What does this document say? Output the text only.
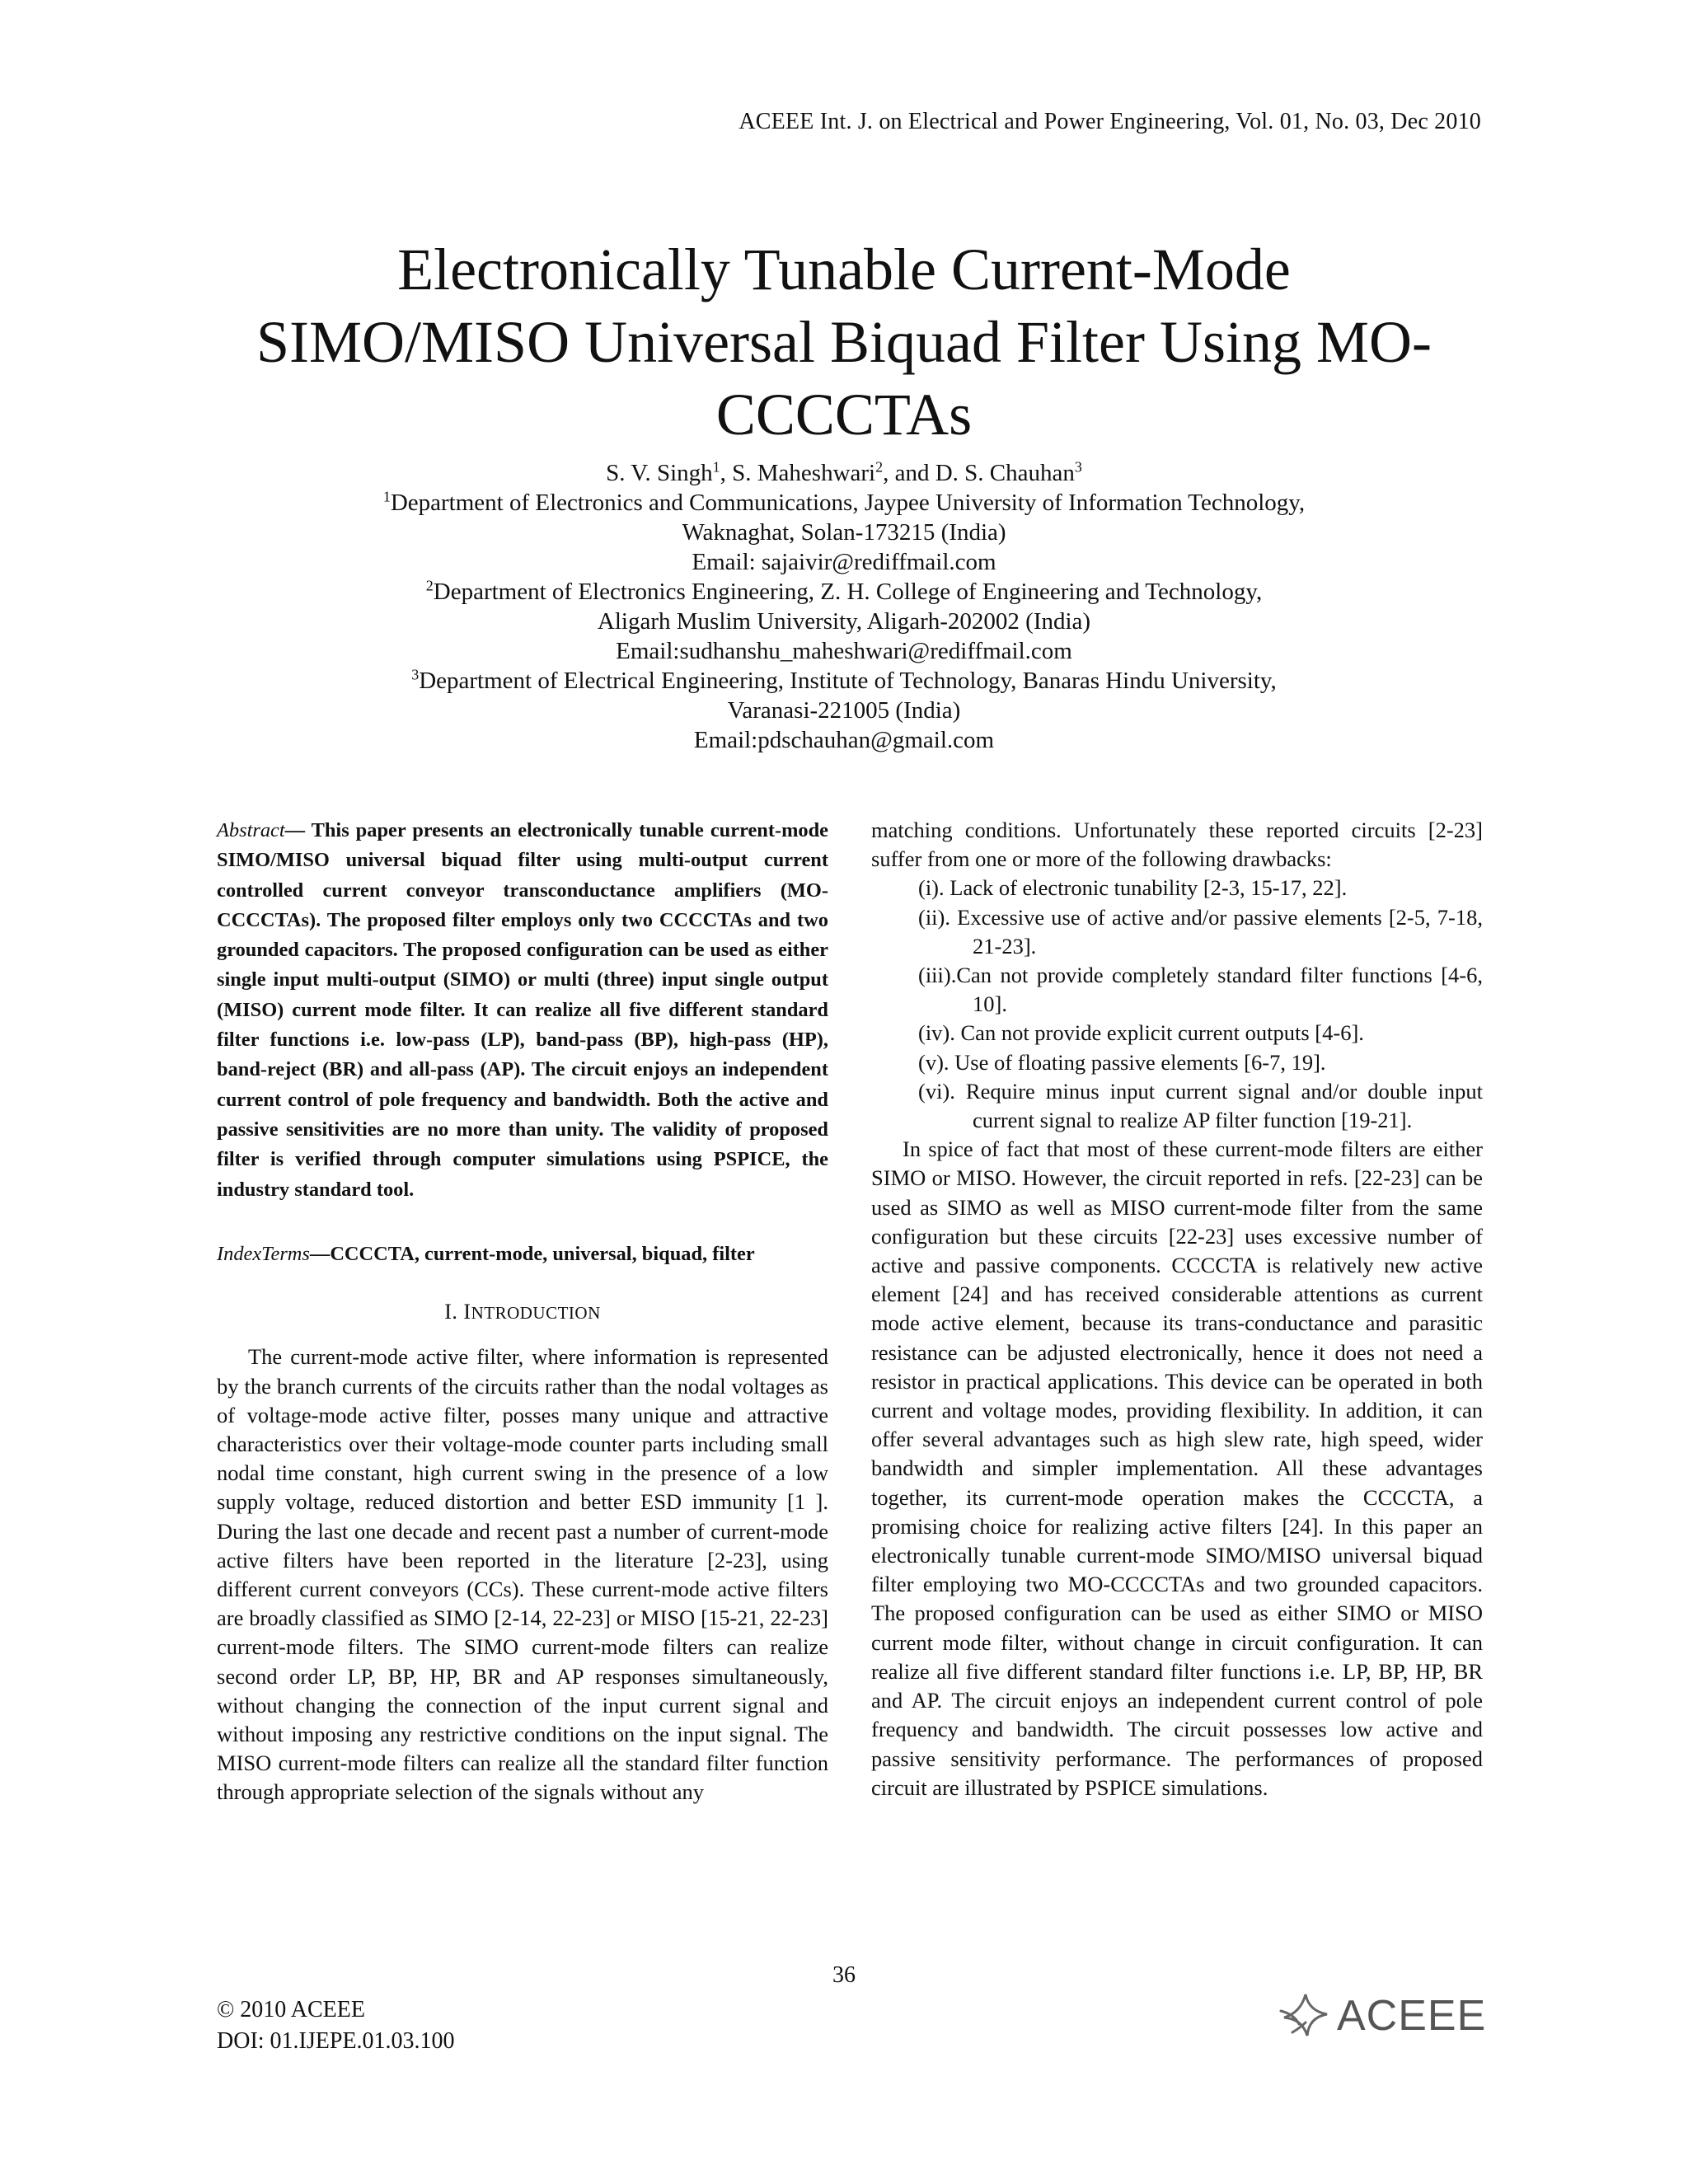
ACEEE Int. J. on Electrical and Power Engineering, Vol. 01, No. 03, Dec 2010
Electronically Tunable Current-Mode
SIMO/MISO Universal Biquad Filter Using MO-
CCCCTAs
S. V. Singh$^1$, S. Maheshwari$^2$, and D. S. Chauhan$^3$
$^1$Department of Electronics and Communications, Jaypee University of Information Technology,
Waknaghat, Solan-173215 (India)
Email: sajaivir@rediffmail.com
$^2$Department of Electronics Engineering, Z. H. College of Engineering and Technology,
Aligarh Muslim University, Aligarh-202002 (India)
Email:sudhanshu_maheshwari@rediffmail.com
$^3$Department of Electrical Engineering, Institute of Technology, Banaras Hindu University,
Varanasi-221005 (India)
Email:pdschauhan@gmail.com

Abstract— This paper presents an electronically tunable current-mode SIMO/MISO universal biquad filter using multi-output current controlled current conveyor transconductance amplifiers (MO-CCCCTAs). The proposed filter employs only two CCCCTAs and two grounded capacitors. The proposed configuration can be used as either single input multi-output (SIMO) or multi (three) input single output (MISO) current mode filter. It can realize all five different standard filter functions i.e. low-pass (LP), band-pass (BP), high-pass (HP), band-reject (BR) and all-pass (AP). The circuit enjoys an independent current control of pole frequency and bandwidth. Both the active and passive sensitivities are no more than unity. The validity of proposed filter is verified through computer simulations using PSPICE, the industry standard tool.

IndexTerms—CCCCTA, current-mode, universal, biquad, filter

I. INTRODUCTION

The current-mode active filter, where information is represented by the branch currents of the circuits rather than the nodal voltages as of voltage-mode active filter, posses many unique and attractive characteristics over their voltage-mode counter parts including small nodal time constant, high current swing in the presence of a low supply voltage, reduced distortion and better ESD immunity [1 ]. During the last one decade and recent past a number of current-mode active filters have been reported in the literature [2-23], using different current conveyors (CCs). These current-mode active filters are broadly classified as SIMO [2-14, 22-23] or MISO [15-21, 22-23] current-mode filters. The SIMO current-mode filters can realize second order LP, BP, HP, BR and AP responses simultaneously, without changing the connection of the input current signal and without imposing any restrictive conditions on the input signal. The MISO current-mode filters can realize all the standard filter function through appropriate selection of the signals without any

matching conditions. Unfortunately these reported circuits [2-23] suffer from one or more of the following drawbacks:

(i). Lack of electronic tunability [2-3, 15-17, 22].
(ii). Excessive use of active and/or passive elements [2-5, 7-18, 21-23].
(iii).Can not provide completely standard filter functions [4-6, 10].
(iv). Can not provide explicit current outputs [4-6].
(v). Use of floating passive elements [6-7, 19].
(vi). Require minus input current signal and/or double input current signal to realize AP filter function [19-21].

In spice of fact that most of these current-mode filters are either SIMO or MISO. However, the circuit reported in refs. [22-23] can be used as SIMO as well as MISO current-mode filter from the same configuration but these circuits [22-23] uses excessive number of active and passive components. CCCCTA is relatively new active element [24] and has received considerable attentions as current mode active element, because its trans-conductance and parasitic resistance can be adjusted electronically, hence it does not need a resistor in practical applications. This device can be operated in both current and voltage modes, providing flexibility. In addition, it can offer several advantages such as high slew rate, high speed, wider bandwidth and simpler implementation. All these advantages together, its current-mode operation makes the CCCCTA, a promising choice for realizing active filters [24]. In this paper an electronically tunable current-mode SIMO/MISO universal biquad filter employing two MO-CCCCTAs and two grounded capacitors. The proposed configuration can be used as either SIMO or MISO current mode filter, without change in circuit configuration. It can realize all five different standard filter functions i.e. LP, BP, HP, BR and AP. The circuit enjoys an independent current control of pole frequency and bandwidth. The circuit possesses low active and passive sensitivity performance. The performances of proposed circuit are illustrated by PSPICE simulations.

36
© 2010 ACEEE
DOI: 01.IJEPE.01.03.100
ACEEE
